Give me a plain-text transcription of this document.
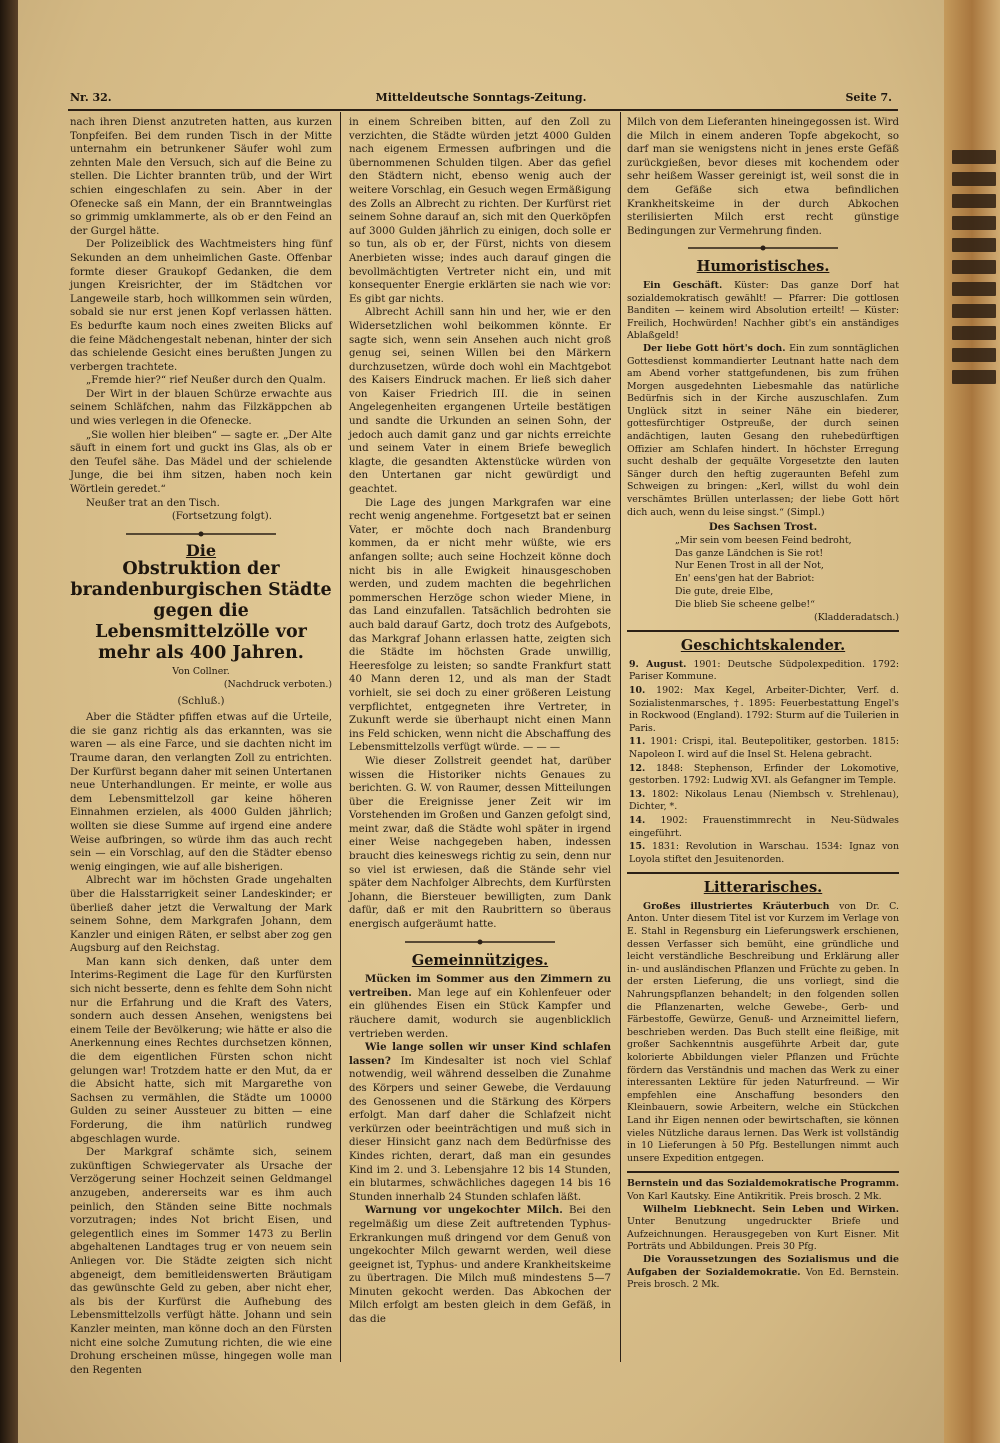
Nr. 32.	Mitteldeutsche Sonntags-Zeitung.	Seite 7.

nach ihren Dienst anzutreten hatten, aus kurzen Tonpfeifen. Bei dem runden Tisch in der Mitte unternahm ein betrunkener Säufer wohl zum zehnten Male den Versuch, sich auf die Beine zu stellen. Die Lichter brannten trüb, und der Wirt schien eingeschlafen zu sein. Aber in der Ofenecke saß ein Mann, der ein Branntweinglas so grimmig umklammerte, als ob er den Feind an der Gurgel hätte.

Der Polizeiblick des Wachtmeisters hing fünf Sekunden an dem unheimlichen Gaste. Offenbar formte dieser Graukopf Gedanken, die dem jungen Kreisrichter, der im Städtchen vor Langeweile starb, hoch willkommen sein würden, sobald sie nur erst jenen Kopf verlassen hätten. Es bedurfte kaum noch eines zweiten Blicks auf die feine Mädchengestalt nebenan, hinter der sich das schielende Gesicht eines berußten Jungen zu verbergen trachtete.

„Fremde hier?“ rief Neußer durch den Qualm.

Der Wirt in der blauen Schürze erwachte aus seinem Schläfchen, nahm das Filzkäppchen ab und wies verlegen in die Ofenecke.

„Sie wollen hier bleiben“ — sagte er. „Der Alte säuft in einem fort und guckt ins Glas, als ob er den Teufel sähe. Das Mädel und der schielende Junge, die bei ihm sitzen, haben noch kein Wörtlein geredet.“

Neußer trat an den Tisch.

(Fortsetzung folgt).
Die
Obstruktion der brandenburgischen Städte gegen die Lebensmittelzölle vor mehr als 400 Jahren.
Von Collner.
(Nachdruck verboten.)
(Schluß.)

Aber die Städter pfiffen etwas auf die Urteile, die sie ganz richtig als das erkannten, was sie waren — als eine Farce, und sie dachten nicht im Traume daran, den verlangten Zoll zu entrichten. Der Kurfürst begann daher mit seinen Untertanen neue Unterhandlungen. Er meinte, er wolle aus dem Lebensmittelzoll gar keine höheren Einnahmen erzielen, als 4000 Gulden jährlich; wollten sie diese Summe auf irgend eine andere Weise aufbringen, so würde ihm das auch recht sein — ein Vorschlag, auf den die Städter ebenso wenig eingingen, wie auf alle bisherigen.

Albrecht war im höchsten Grade ungehalten über die Halsstarrigkeit seiner Landeskinder; er überließ daher jetzt die Verwaltung der Mark seinem Sohne, dem Markgrafen Johann, dem Kanzler und einigen Räten, er selbst aber zog gen Augsburg auf den Reichstag.

Man kann sich denken, daß unter dem Interims-Regiment die Lage für den Kurfürsten sich nicht besserte, denn es fehlte dem Sohn nicht nur die Erfahrung und die Kraft des Vaters, sondern auch dessen Ansehen, wenigstens bei einem Teile der Bevölkerung; wie hätte er also die Anerkennung eines Rechtes durchsetzen können, die dem eigentlichen Fürsten schon nicht gelungen war! Trotzdem hatte er den Mut, da er die Absicht hatte, sich mit Margarethe von Sachsen zu vermählen, die Städte um 10000 Gulden zu seiner Aussteuer zu bitten — eine Forderung, die ihm natürlich rundweg abgeschlagen wurde.

Der Markgraf schämte sich, seinem zukünftigen Schwiegervater als Ursache der Verzögerung seiner Hochzeit seinen Geldmangel anzugeben, andererseits war es ihm auch peinlich, den Ständen seine Bitte nochmals vorzutragen; indes Not bricht Eisen, und gelegentlich eines im Sommer 1473 zu Berlin abgehaltenen Landtages trug er von neuem sein Anliegen vor. Die Städte zeigten sich nicht abgeneigt, dem bemitleidenswerten Bräutigam das gewünschte Geld zu geben, aber nicht eher, als bis der Kurfürst die Aufhebung des Lebensmittelzolls verfügt hätte. Johann und sein Kanzler meinten, man könne doch an den Fürsten nicht eine solche Zumutung richten, die wie eine Drohung erscheinen müsse, hingegen wolle man den Regenten

in einem Schreiben bitten, auf den Zoll zu verzichten, die Städte würden jetzt 4000 Gulden nach eigenem Ermessen aufbringen und die übernommenen Schulden tilgen. Aber das gefiel den Städtern nicht, ebenso wenig auch der weitere Vorschlag, ein Gesuch wegen Ermäßigung des Zolls an Albrecht zu richten. Der Kurfürst riet seinem Sohne darauf an, sich mit den Querköpfen auf 3000 Gulden jährlich zu einigen, doch solle er so tun, als ob er, der Fürst, nichts von diesem Anerbieten wisse; indes auch darauf gingen die bevollmächtigten Vertreter nicht ein, und mit konsequenter Energie erklärten sie nach wie vor: Es gibt gar nichts.

Albrecht Achill sann hin und her, wie er den Widersetzlichen wohl beikommen könnte. Er sagte sich, wenn sein Ansehen auch nicht groß genug sei, seinen Willen bei den Märkern durchzusetzen, würde doch wohl ein Machtgebot des Kaisers Eindruck machen. Er ließ sich daher von Kaiser Friedrich III. die in seinen Angelegenheiten ergangenen Urteile bestätigen und sandte die Urkunden an seinen Sohn, der jedoch auch damit ganz und gar nichts erreichte und seinem Vater in einem Briefe beweglich klagte, die gesandten Aktenstücke würden von den Untertanen gar nicht gewürdigt und geachtet.

Die Lage des jungen Markgrafen war eine recht wenig angenehme. Fortgesetzt bat er seinen Vater, er möchte doch nach Brandenburg kommen, da er nicht mehr wüßte, wie ers anfangen sollte; auch seine Hochzeit könne doch nicht bis in alle Ewigkeit hinausgeschoben werden, und zudem machten die begehrlichen pommerschen Herzöge schon wieder Miene, in das Land einzufallen. Tatsächlich bedrohten sie auch bald darauf Gartz, doch trotz des Aufgebots, das Markgraf Johann erlassen hatte, zeigten sich die Städte im höchsten Grade unwillig, Heeresfolge zu leisten; so sandte Frankfurt statt 40 Mann deren 12, und als man der Stadt vorhielt, sie sei doch zu einer größeren Leistung verpflichtet, entgegneten ihre Vertreter, in Zukunft werde sie überhaupt nicht einen Mann ins Feld schicken, wenn nicht die Abschaffung des Lebensmittelzolls verfügt würde. — — —

Wie dieser Zollstreit geendet hat, darüber wissen die Historiker nichts Genaues zu berichten. G. W. von Raumer, dessen Mitteilungen über die Ereignisse jener Zeit wir im Vorstehenden im Großen und Ganzen gefolgt sind, meint zwar, daß die Städte wohl später in irgend einer Weise nachgegeben haben, indessen braucht dies keineswegs richtig zu sein, denn nur so viel ist erwiesen, daß die Stände sehr viel später dem Nachfolger Albrechts, dem Kurfürsten Johann, die Biersteuer bewilligten, zum Dank dafür, daß er mit den Raubrittern so überaus energisch aufgeräumt hatte.

Gemeinnütziges.

Mücken im Sommer aus den Zimmern zu vertreiben. Man lege auf ein Kohlenfeuer oder ein glühendes Eisen ein Stück Kampfer und räuchere damit, wodurch sie augenblicklich vertrieben werden.

Wie lange sollen wir unser Kind schlafen lassen? Im Kindesalter ist noch viel Schlaf notwendig, weil während desselben die Zunahme des Körpers und seiner Gewebe, die Verdauung des Genossenen und die Stärkung des Körpers erfolgt. Man darf daher die Schlafzeit nicht verkürzen oder beeinträchtigen und muß sich in dieser Hinsicht ganz nach dem Bedürfnisse des Kindes richten, derart, daß man ein gesundes Kind im 2. und 3. Lebensjahre 12 bis 14 Stunden, ein blutarmes, schwächliches dagegen 14 bis 16 Stunden innerhalb 24 Stunden schlafen läßt.

Warnung vor ungekochter Milch. Bei den regelmäßig um diese Zeit auftretenden Typhus-Erkrankungen muß dringend vor dem Genuß von ungekochter Milch gewarnt werden, weil diese geeignet ist, Typhus- und andere Krankheitskeime zu übertragen. Die Milch muß mindestens 5—7 Minuten gekocht werden. Das Abkochen der Milch erfolgt am besten gleich in dem Gefäß, in das die

Milch von dem Lieferanten hineingegossen ist. Wird die Milch in einem anderen Topfe abgekocht, so darf man sie wenigstens nicht in jenes erste Gefäß zurückgießen, bevor dieses mit kochendem oder sehr heißem Wasser gereinigt ist, weil sonst die in dem Gefäße sich etwa befindlichen Krankheitskeime in der durch Abkochen sterilisierten Milch erst recht günstige Bedingungen zur Vermehrung finden.

Humoristisches.

Ein Geschäft. Küster: Das ganze Dorf hat sozialdemokratisch gewählt! — Pfarrer: Die gottlosen Banditen — keinem wird Absolution erteilt! — Küster: Freilich, Hochwürden! Nachher gibt's ein anständiges Ablaßgeld!

Der liebe Gott hört's doch. Ein zum sonntäglichen Gottesdienst kommandierter Leutnant hatte nach dem am Abend vorher stattgefundenen, bis zum frühen Morgen ausgedehnten Liebesmahle das natürliche Bedürfnis sich in der Kirche auszuschlafen. Zum Unglück sitzt in seiner Nähe ein biederer, gottesfürchtiger Ostpreuße, der durch seinen andächtigen, lauten Gesang den ruhebedürftigen Offizier am Schlafen hindert. In höchster Erregung sucht deshalb der gequälte Vorgesetzte den lauten Sänger durch den heftig zugeraunten Befehl zum Schweigen zu bringen: „Kerl, willst du wohl dein verschämtes Brüllen unterlassen; der liebe Gott hört dich auch, wenn du leise singst.“ (Simpl.)

Des Sachsen Trost.
„Mir sein vom beesen Feind bedroht,
Das ganze Ländchen is Sie rot!
Nur Eenen Trost in all der Not,
En' eens'gen hat der Babriot:
Die gute, dreie Elbe,
Die blieb Sie scheene gelbe!“
(Kladderadatsch.)
Geschichtskalender.

9. August. 1901: Deutsche Südpolexpedition. 1792: Pariser Kommune.

10. 1902: Max Kegel, Arbeiter-Dichter, Verf. d. Sozialistenmarsches, †. 1895: Feuerbestattung Engel's in Rockwood (England). 1792: Sturm auf die Tuilerien in Paris.

11. 1901: Crispi, ital. Beutepolitiker, gestorben. 1815: Napoleon I. wird auf die Insel St. Helena gebracht.

12. 1848: Stephenson, Erfinder der Lokomotive, gestorben. 1792: Ludwig XVI. als Gefangner im Temple.

13. 1802: Nikolaus Lenau (Niembsch v. Strehlenau), Dichter, *.

14. 1902: Frauenstimmrecht in Neu-Südwales eingeführt.

15. 1831: Revolution in Warschau. 1534: Ignaz von Loyola stiftet den Jesuitenorden.

Litterarisches.

Großes illustriertes Kräuterbuch von Dr. C. Anton. Unter diesem Titel ist vor Kurzem im Verlage von E. Stahl in Regensburg ein Lieferungswerk erschienen, dessen Verfasser sich bemüht, eine gründliche und leicht verständliche Beschreibung und Erklärung aller in- und ausländischen Pflanzen und Früchte zu geben. In der ersten Lieferung, die uns vorliegt, sind die Nahrungspflanzen behandelt; in den folgenden sollen die Pflanzenarten, welche Gewebe-, Gerb- und Färbestoffe, Gewürze, Genuß- und Arzneimittel liefern, beschrieben werden. Das Buch stellt eine fleißige, mit großer Sachkenntnis ausgeführte Arbeit dar, gute kolorierte Abbildungen vieler Pflanzen und Früchte fördern das Verständnis und machen das Werk zu einer interessanten Lektüre für jeden Naturfreund. — Wir empfehlen eine Anschaffung besonders den Kleinbauern, sowie Arbeitern, welche ein Stückchen Land ihr Eigen nennen oder bewirtschaften, sie können vieles Nützliche daraus lernen. Das Werk ist vollständig in 10 Lieferungen à 50 Pfg. Bestellungen nimmt auch unsere Expedition entgegen.

Bernstein und das Sozialdemokratische Programm. Von Karl Kautsky. Eine Antikritik. Preis brosch. 2 Mk.

Wilhelm Liebknecht. Sein Leben und Wirken. Unter Benutzung ungedruckter Briefe und Aufzeichnungen. Herausgegeben von Kurt Eisner. Mit Porträts und Abbildungen. Preis 30 Pfg.

Die Voraussetzungen des Sozialismus und die Aufgaben der Sozialdemokratie. Von Ed. Bernstein. Preis brosch. 2 Mk.
